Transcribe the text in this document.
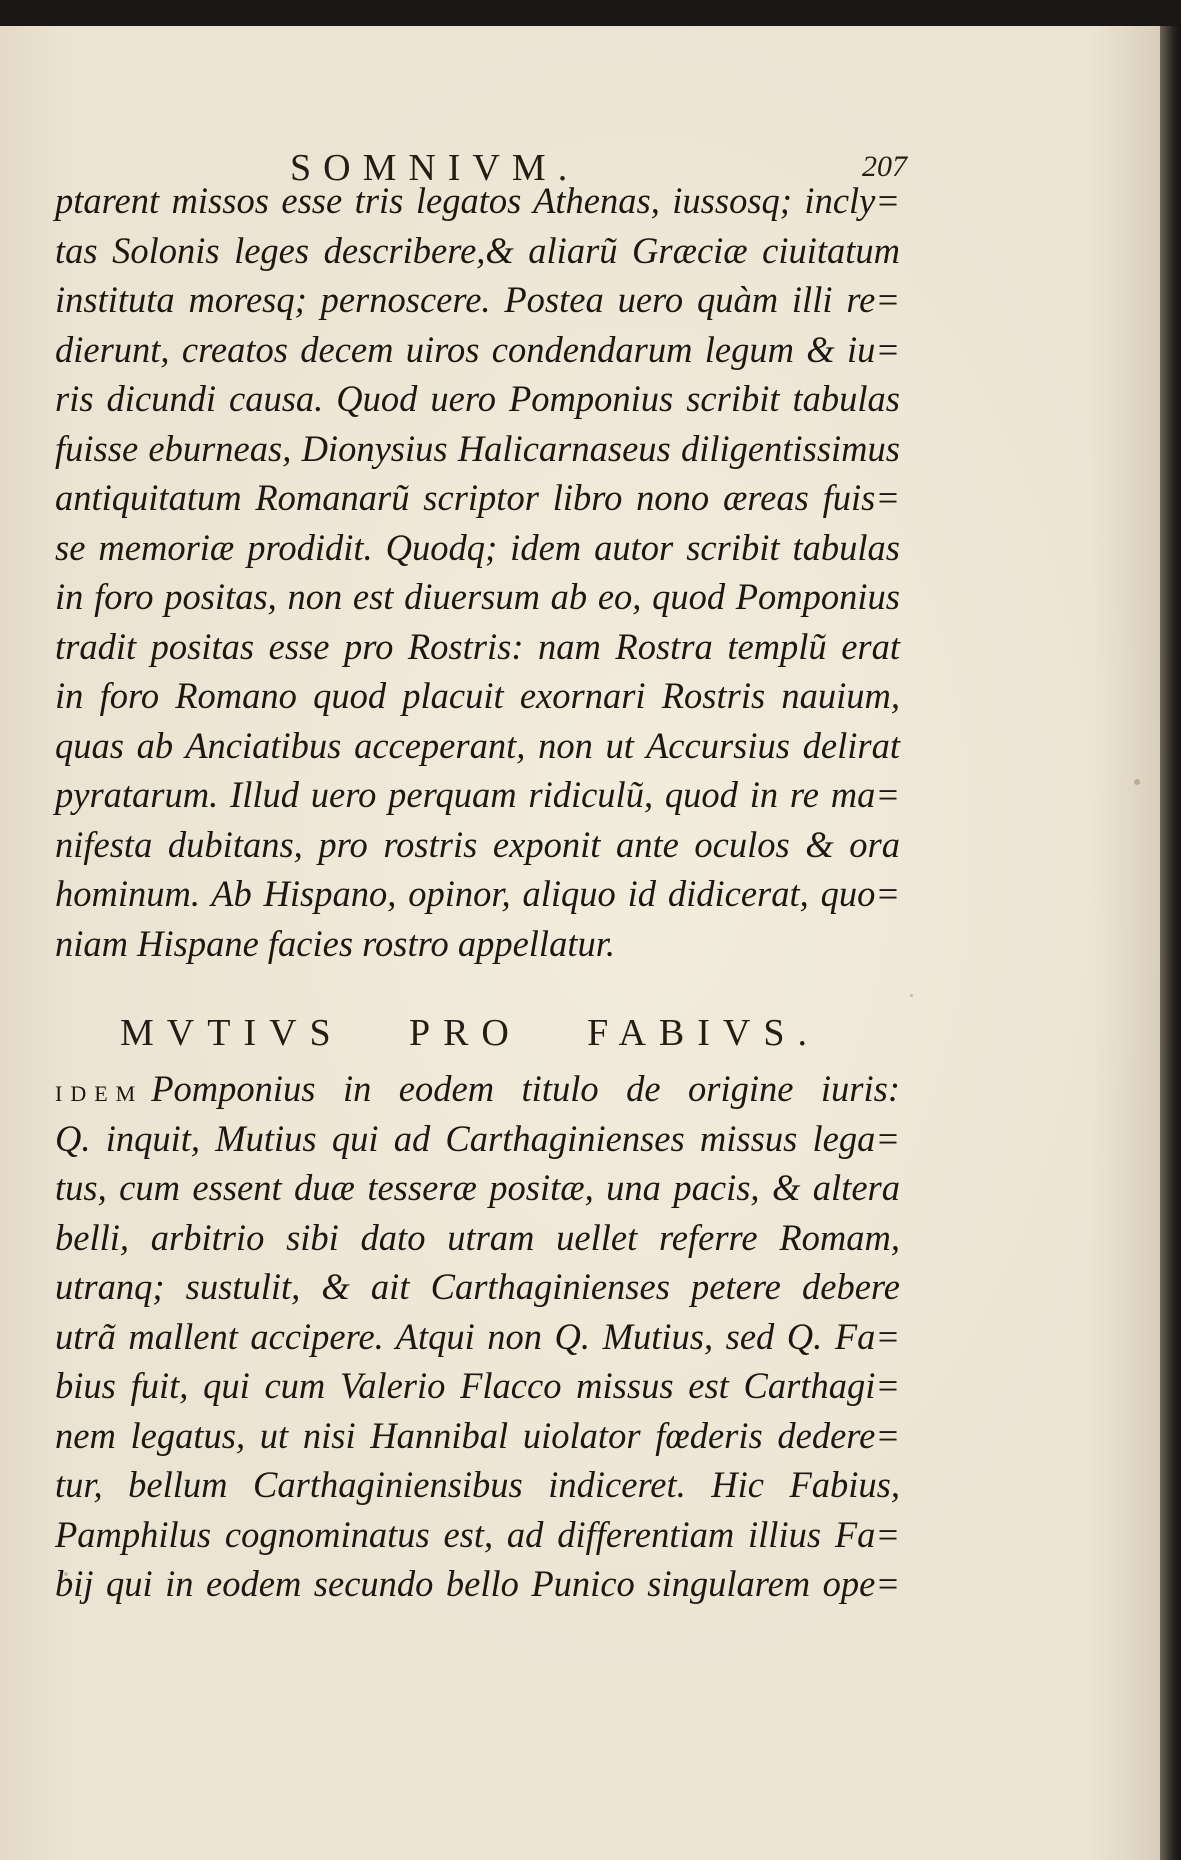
SOMNIVM.	207
ptarent missos esse tris legatos Athenas, iussosq; incly=
tas Solonis leges describere,& aliarũ Græciæ ciuitatum
instituta moresq; pernoscere. Postea uero quàm illi re=
dierunt, creatos decem uiros condendarum legum & iu=
ris dicundi causa. Quod uero Pomponius scribit tabulas
fuisse eburneas, Dionysius Halicarnaseus diligentissimus
antiquitatum Romanarũ scriptor libro nono æreas fuis=
se memoriæ prodidit. Quodq; idem autor scribit tabulas
in foro positas, non est diuersum ab eo, quod Pomponius
tradit positas esse pro Rostris: nam Rostra templũ erat
in foro Romano quod placuit exornari Rostris nauium,
quas ab Anciatibus acceperant, non ut Accursius delirat
pyratarum. Illud uero perquam ridiculũ, quod in re ma=
nifesta dubitans, pro rostris exponit ante oculos & ora
hominum. Ab Hispano, opinor, aliquo id didicerat, quo=
niam Hispane facies rostro appellatur.
MVTIVS PRO FABIVS.
IDEM Pomponius in eodem titulo de origine iuris:
Q. inquit, Mutius qui ad Carthaginienses missus lega=
tus, cum essent duæ tesseræ positæ, una pacis, & altera
belli, arbitrio sibi dato utram uellet referre Romam,
utranq; sustulit, & ait Carthaginienses petere debere
utrã mallent accipere. Atqui non Q. Mutius, sed Q. Fa=
bius fuit, qui cum Valerio Flacco missus est Carthagi=
nem legatus, ut nisi Hannibal uiolator fœderis dedere=
tur, bellum Carthaginiensibus indiceret. Hic Fabius,
Pamphilus cognominatus est, ad differentiam illius Fa=
bij qui in eodem secundo bello Punico singularem ope=
